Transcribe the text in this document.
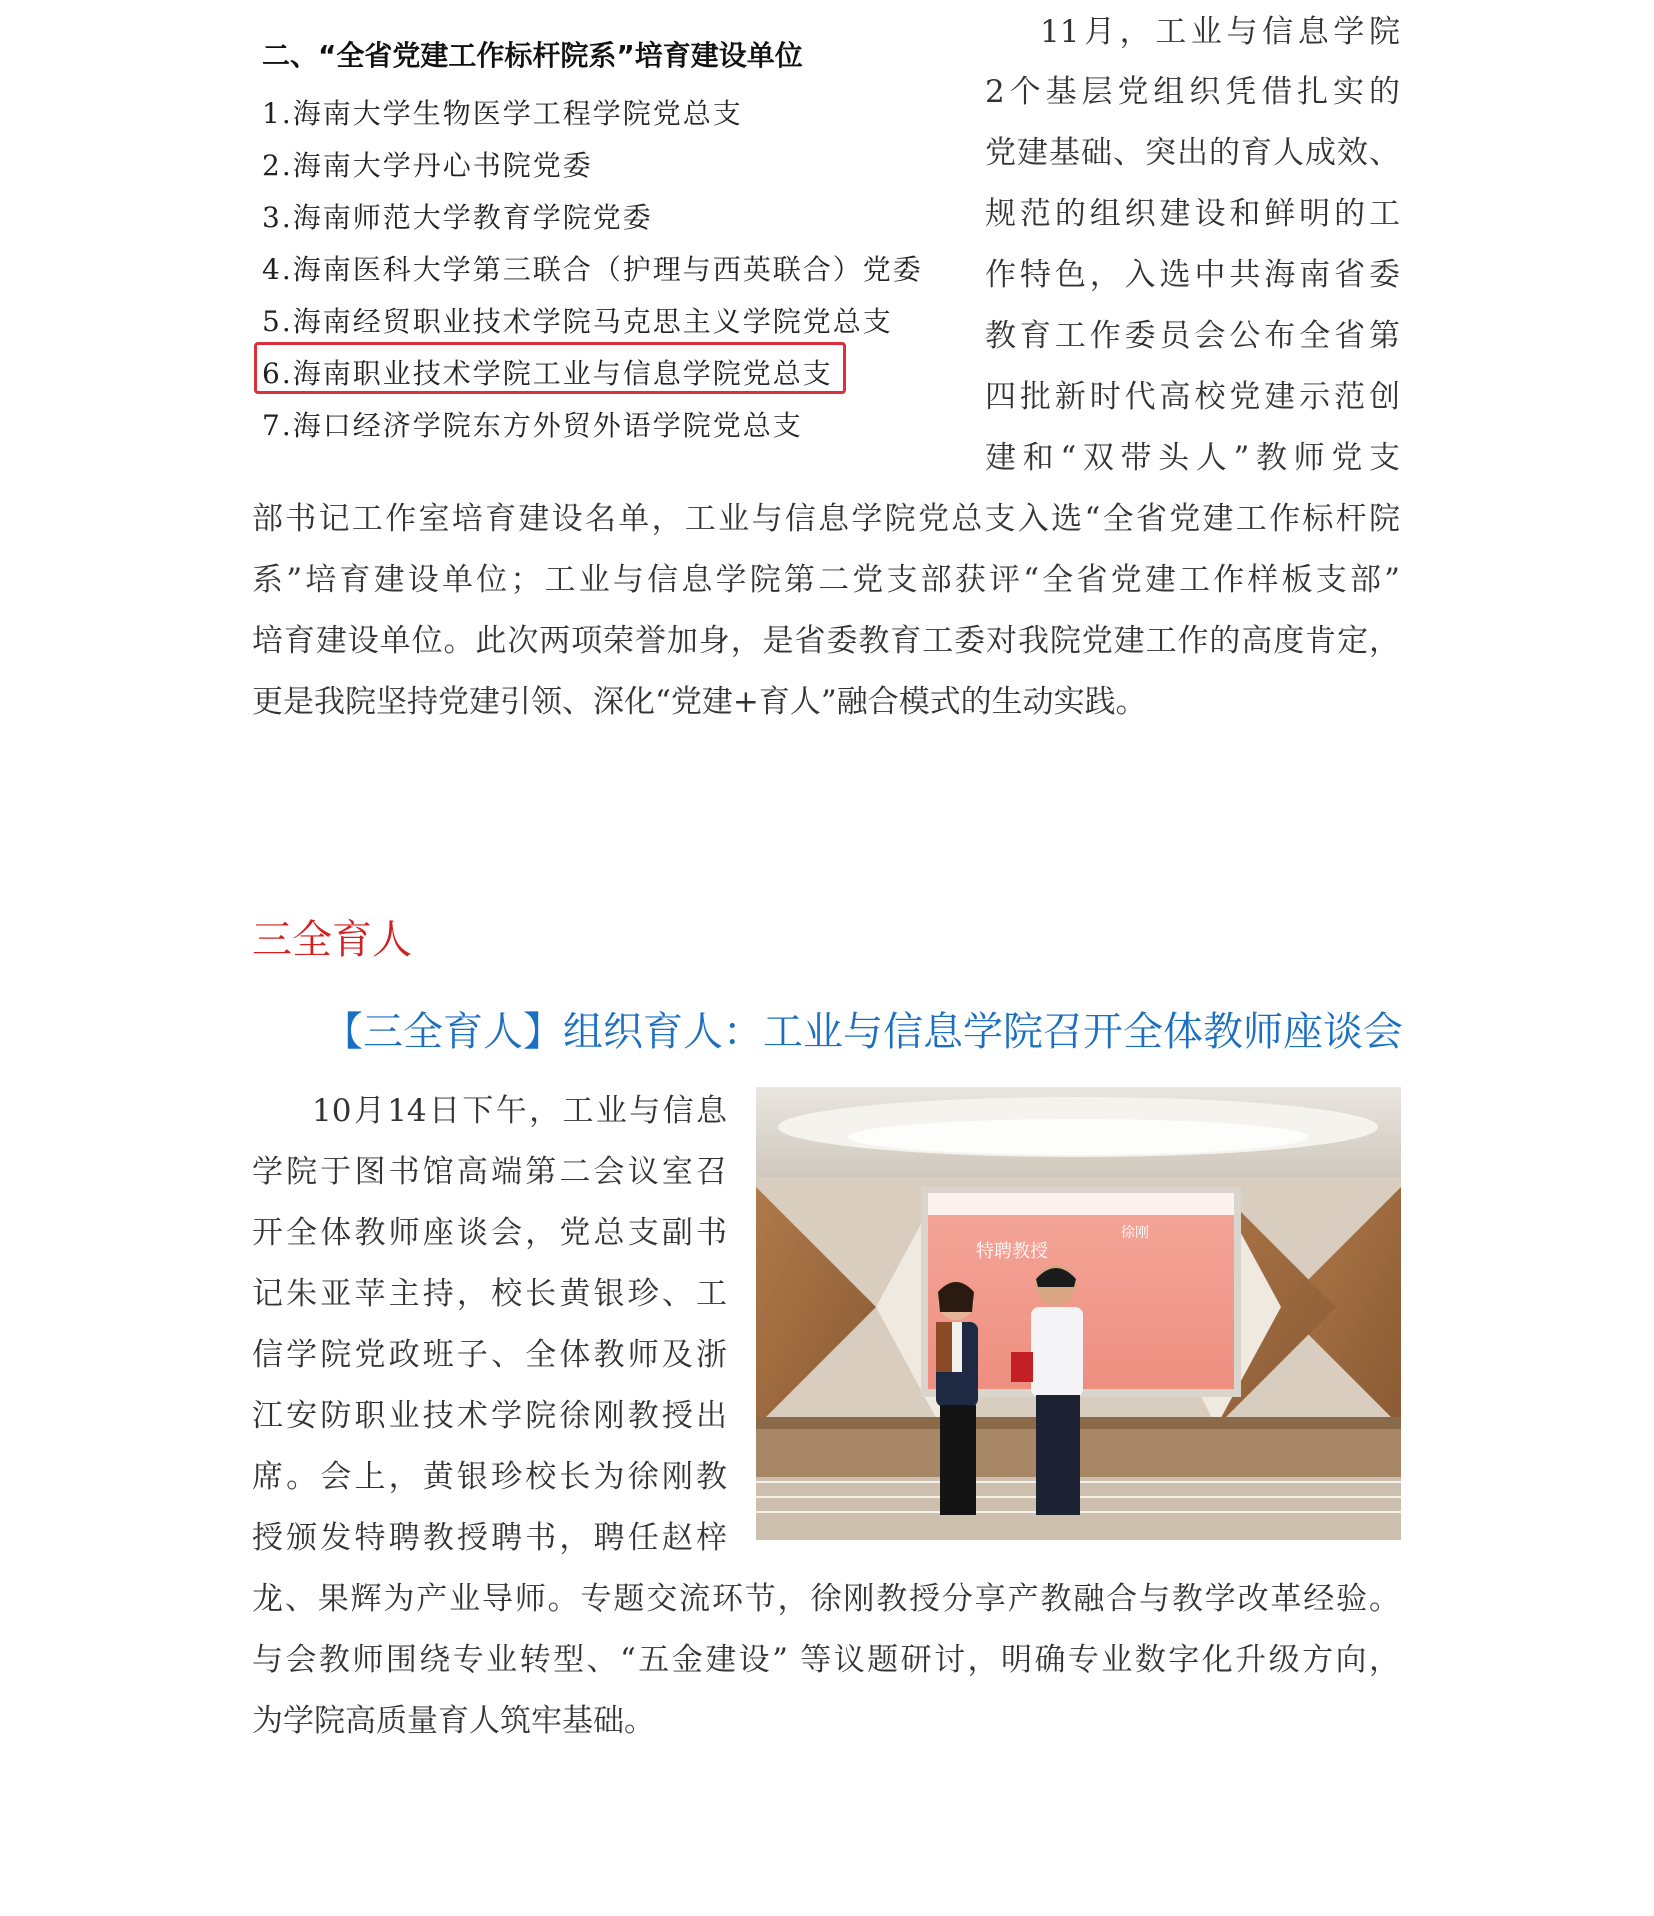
二、“全省党建工作标杆院系”培育建设单位
1.海南大学生物医学工程学院党总支
2.海南大学丹心书院党委
3.海南师范大学教育学院党委
4.海南医科大学第三联合（护理与西英联合）党委
5.海南经贸职业技术学院马克思主义学院党总支
6.海南职业技术学院工业与信息学院党总支
7.海口经济学院东方外贸外语学院党总支
11月，工业与信息学院
2个基层党组织凭借扎实的
党建基础、突出的育人成效、
规范的组织建设和鲜明的工
作特色，入选中共海南省委
教育工作委员会公布全省第
四批新时代高校党建示范创
建和“双带头人”教师党支
部书记工作室培育建设名单，工业与信息学院党总支入选“全省党建工作标杆院
系”培育建设单位；工业与信息学院第二党支部获评“全省党建工作样板支部”
培育建设单位。此次两项荣誉加身，是省委教育工委对我院党建工作的高度肯定，
更是我院坚持党建引领、深化“党建+育人”融合模式的生动实践。
三全育人
【三全育人】组织育人：工业与信息学院召开全体教师座谈会
10月14日下午，工业与信息
学院于图书馆高端第二会议室召
开全体教师座谈会，党总支副书
记朱亚苹主持，校长黄银珍、工
信学院党政班子、全体教师及浙
江安防职业技术学院徐刚教授出
席。会上，黄银珍校长为徐刚教
授颁发特聘教授聘书，聘任赵梓
龙、果辉为产业导师。专题交流环节，徐刚教授分享产教融合与教学改革经验。
与会教师围绕专业转型、“五金建设” 等议题研讨，明确专业数字化升级方向，
为学院高质量育人筑牢基础。
特聘教授
徐刚
